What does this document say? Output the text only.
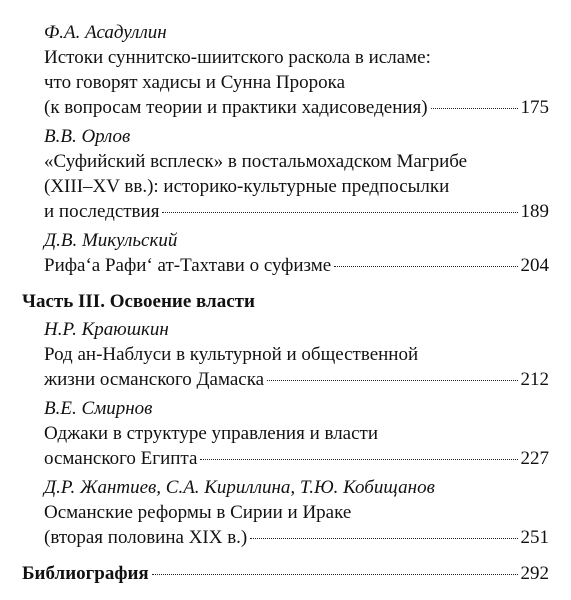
Ф.А. Асадуллин
Истоки суннитско-шиитского раскола в исламе:
что говорят хадисы и Сунна Пророка
(к вопросам теории и практики хадисоведения)	175
В.В. Орлов
«Суфийский всплеск» в постальмохадском Магрибе
(XIII–XV вв.): историко-культурные предпосылки
и последствия	189
Д.В. Микульский
Рифа‘а Рафи‘ ат-Тахтави о суфизме	204
Часть III. Освоение власти
Н.Р. Краюшкин
Род ан-Наблуси в культурной и общественной
жизни османского Дамаска	212
В.Е. Смирнов
Оджаки в структуре управления и власти
османского Египта	227
Д.Р. Жантиев, С.А. Кириллина, Т.Ю. Кобищанов
Османские реформы в Сирии и Ираке
(вторая половина XIX в.)	251
Библиография	292
